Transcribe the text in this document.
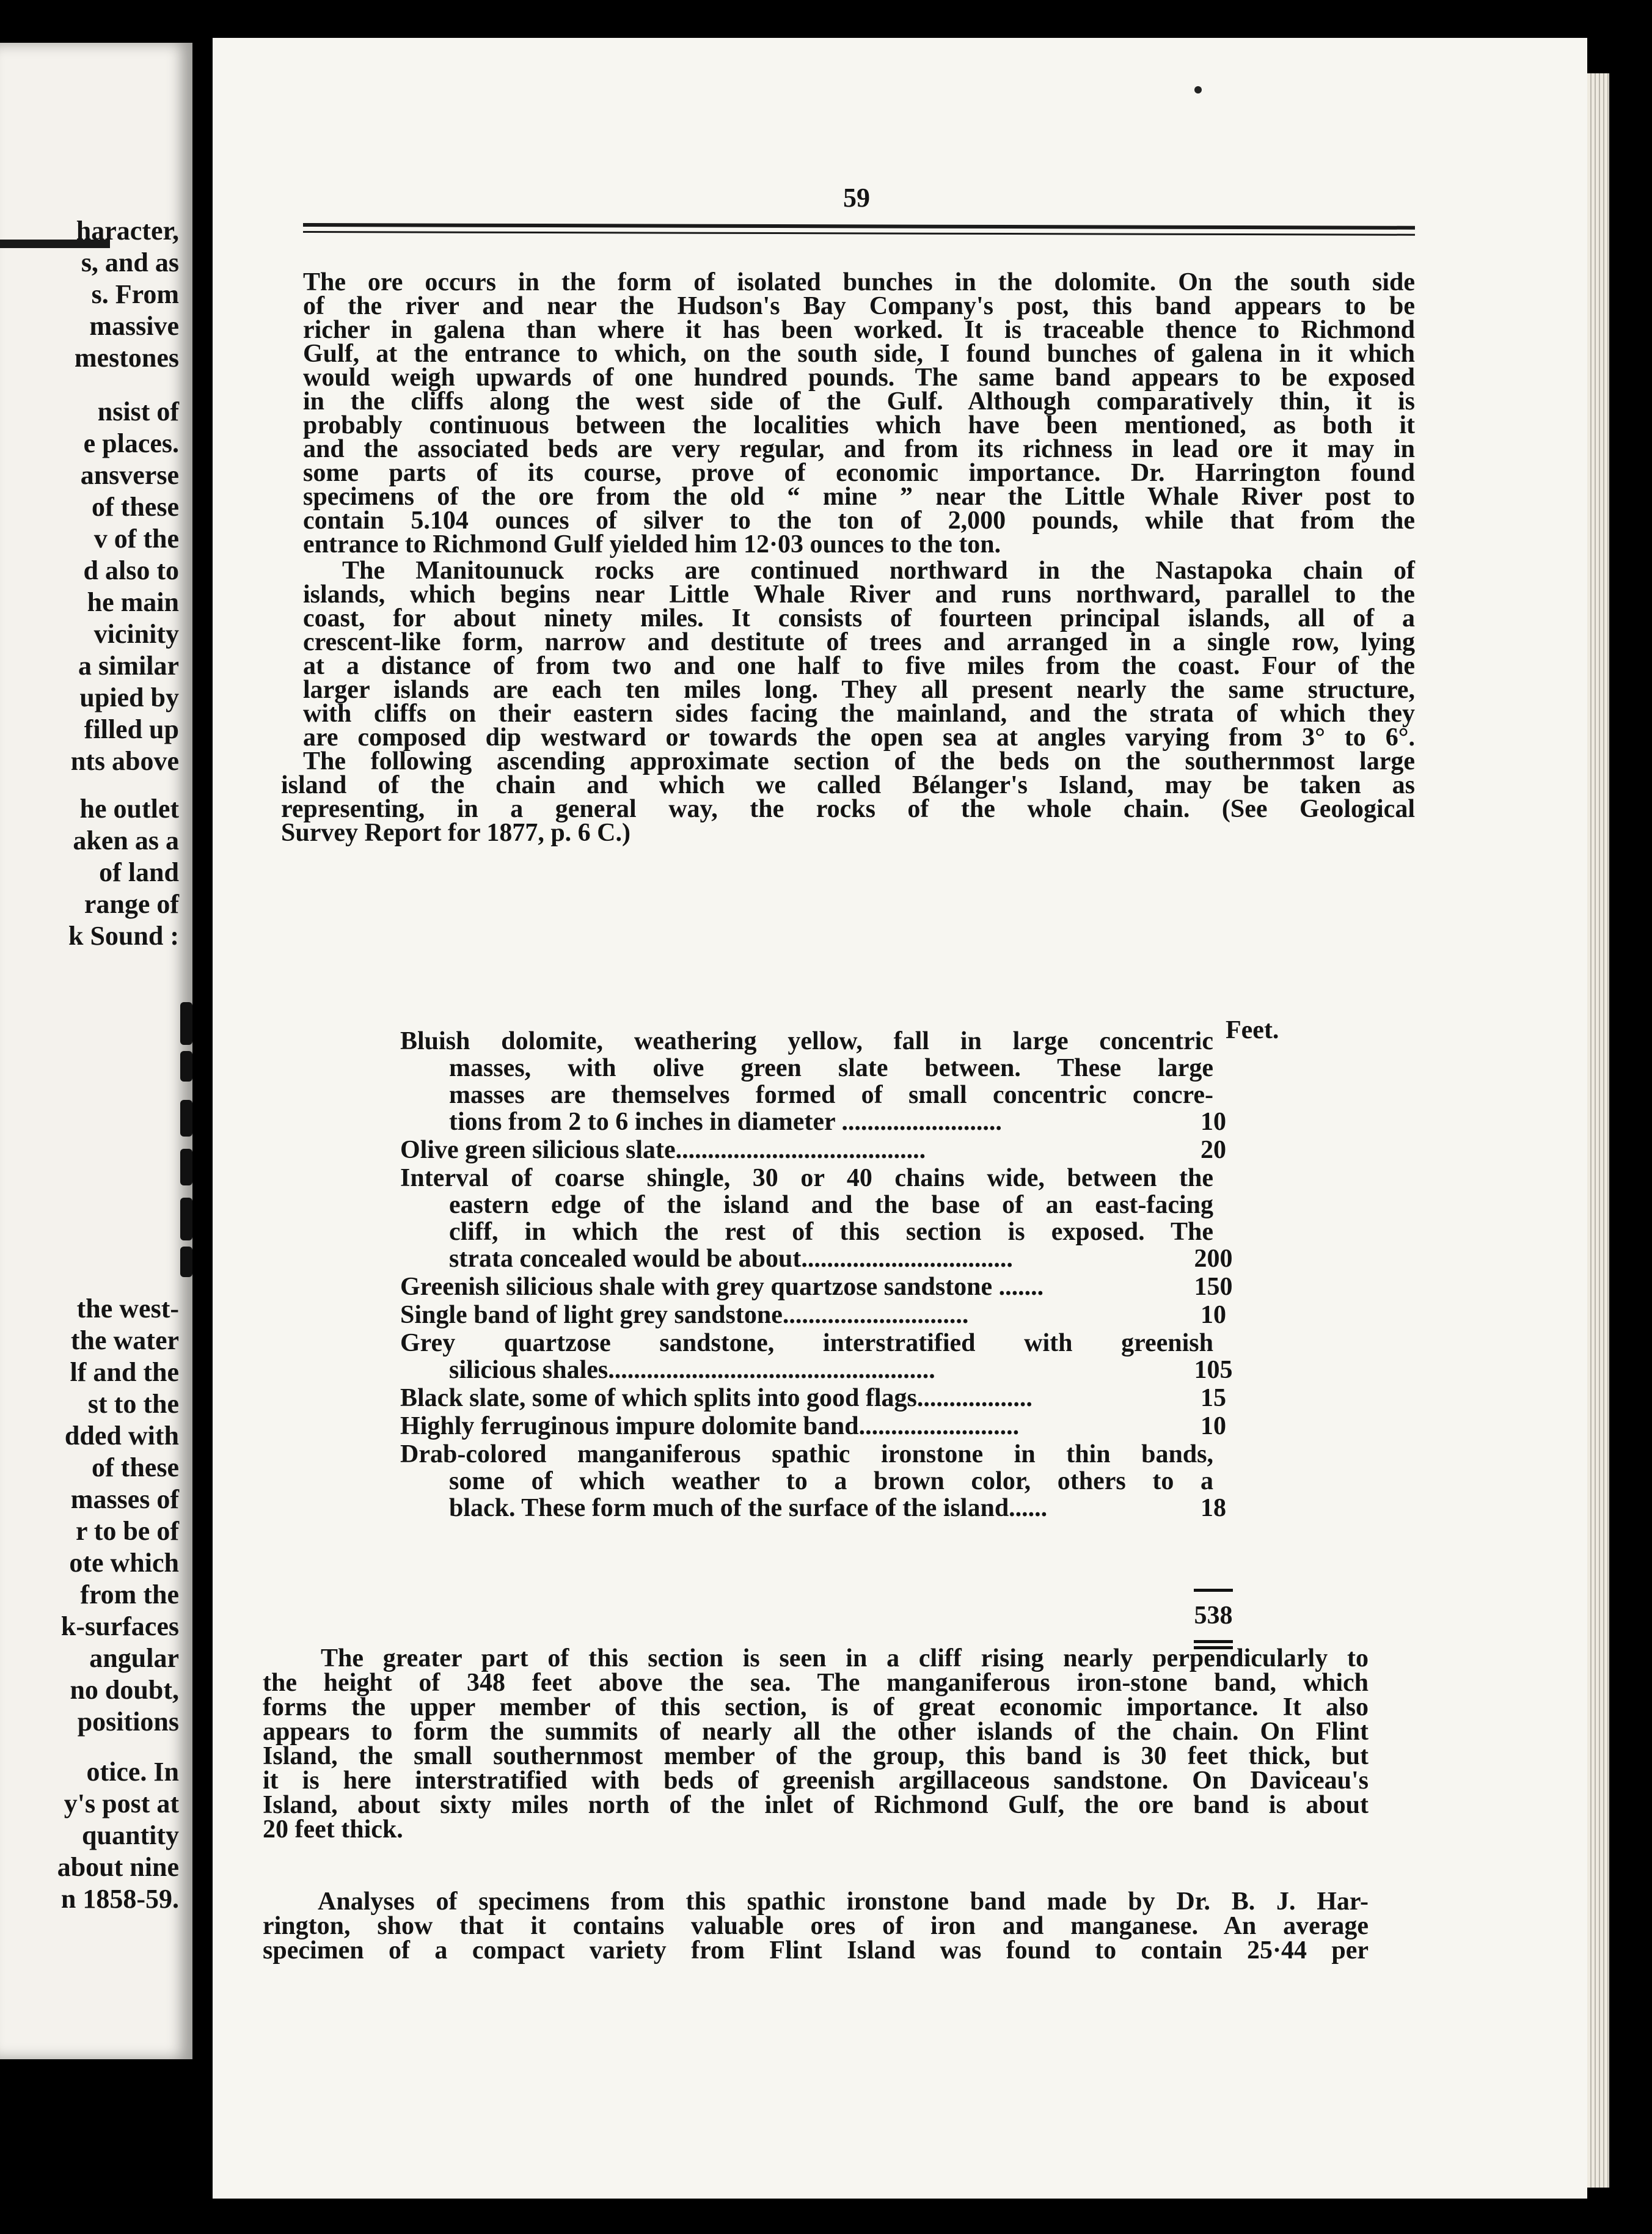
haracter,
s, and as
s. From
massive
mestones
nsist of
e places.
ansverse
of these
v of the
d also to
he main
vicinity
a similar
upied by
filled up
nts above
he outlet
aken as a
of land
range of
k Sound :
the west-
the water
lf and the
st to the
dded with
of these
masses of
r to be of
ote which
from the
k-surfaces
angular
no doubt,
positions
otice. In
y's post at
quantity
about nine
n 1858-59.
59
The ore occurs in the form of isolated bunches in the dolomite. On the south side
of the river and near the Hudson's Bay Company's post, this band appears to be
richer in galena than where it has been worked. It is traceable thence to Richmond
Gulf, at the entrance to which, on the south side, I found bunches of galena in it which
would weigh upwards of one hundred pounds. The same band appears to be exposed
in the cliffs along the west side of the Gulf. Although comparatively thin, it is
probably continuous between the localities which have been mentioned, as both it
and the associated beds are very regular, and from its richness in lead ore it may in
some parts of its course, prove of economic importance. Dr. Harrington found
specimens of the ore from the old “ mine ” near the Little Whale River post to
contain 5.104 ounces of silver to the ton of 2,000 pounds, while that from the
entrance to Richmond Gulf yielded him 12·03 ounces to the ton.
The Manitounuck rocks are continued northward in the Nastapoka chain of
islands, which begins near Little Whale River and runs northward, parallel to the
coast, for about ninety miles. It consists of fourteen principal islands, all of a
crescent-like form, narrow and destitute of trees and arranged in a single row, lying
at a distance of from two and one half to five miles from the coast. Four of the
larger islands are each ten miles long. They all present nearly the same structure,
with cliffs on their eastern sides facing the mainland, and the strata of which they
are composed dip westward or towards the open sea at angles varying from 3° to 6°.
The following ascending approximate section of the beds on the southernmost large
island of the chain and which we called Bélanger's Island, may be taken as
representing, in a general way, the rocks of the whole chain. (See Geological
Survey Report for 1877, p. 6 C.)
Feet.
Bluish dolomite, weathering yellow, fall in large concentric
masses, with olive green slate between. These large
masses are themselves formed of small concentric concre-
tions from 2 to 6 inches in diameter .........................	10
Olive green silicious slate.......................................	20
Interval of coarse shingle, 30 or 40 chains wide, between the
eastern edge of the island and the base of an east-facing
cliff, in which the rest of this section is exposed. The
strata concealed would be about.................................	200
Greenish silicious shale with grey quartzose sandstone .......	150
Single band of light grey sandstone.............................	10
Grey quartzose sandstone, interstratified with greenish
silicious shales...................................................	105
Black slate, some of which splits into good flags..................	15
Highly ferruginous impure dolomite band.........................	10
Drab-colored manganiferous spathic ironstone in thin bands,
some of which weather to a brown color, others to a
black. These form much of the surface of the island......	18
538
The greater part of this section is seen in a cliff rising nearly perpendicularly to
the height of 348 feet above the sea. The manganiferous iron-stone band, which
forms the upper member of this section, is of great economic importance. It also
appears to form the summits of nearly all the other islands of the chain. On Flint
Island, the small southernmost member of the group, this band is 30 feet thick, but
it is here interstratified with beds of greenish argillaceous sandstone. On Daviceau's
Island, about sixty miles north of the inlet of Richmond Gulf, the ore band is about
20 feet thick.
Analyses of specimens from this spathic ironstone band made by Dr. B. J. Har-
rington, show that it contains valuable ores of iron and manganese. An average
specimen of a compact variety from Flint Island was found to contain 25·44 per
